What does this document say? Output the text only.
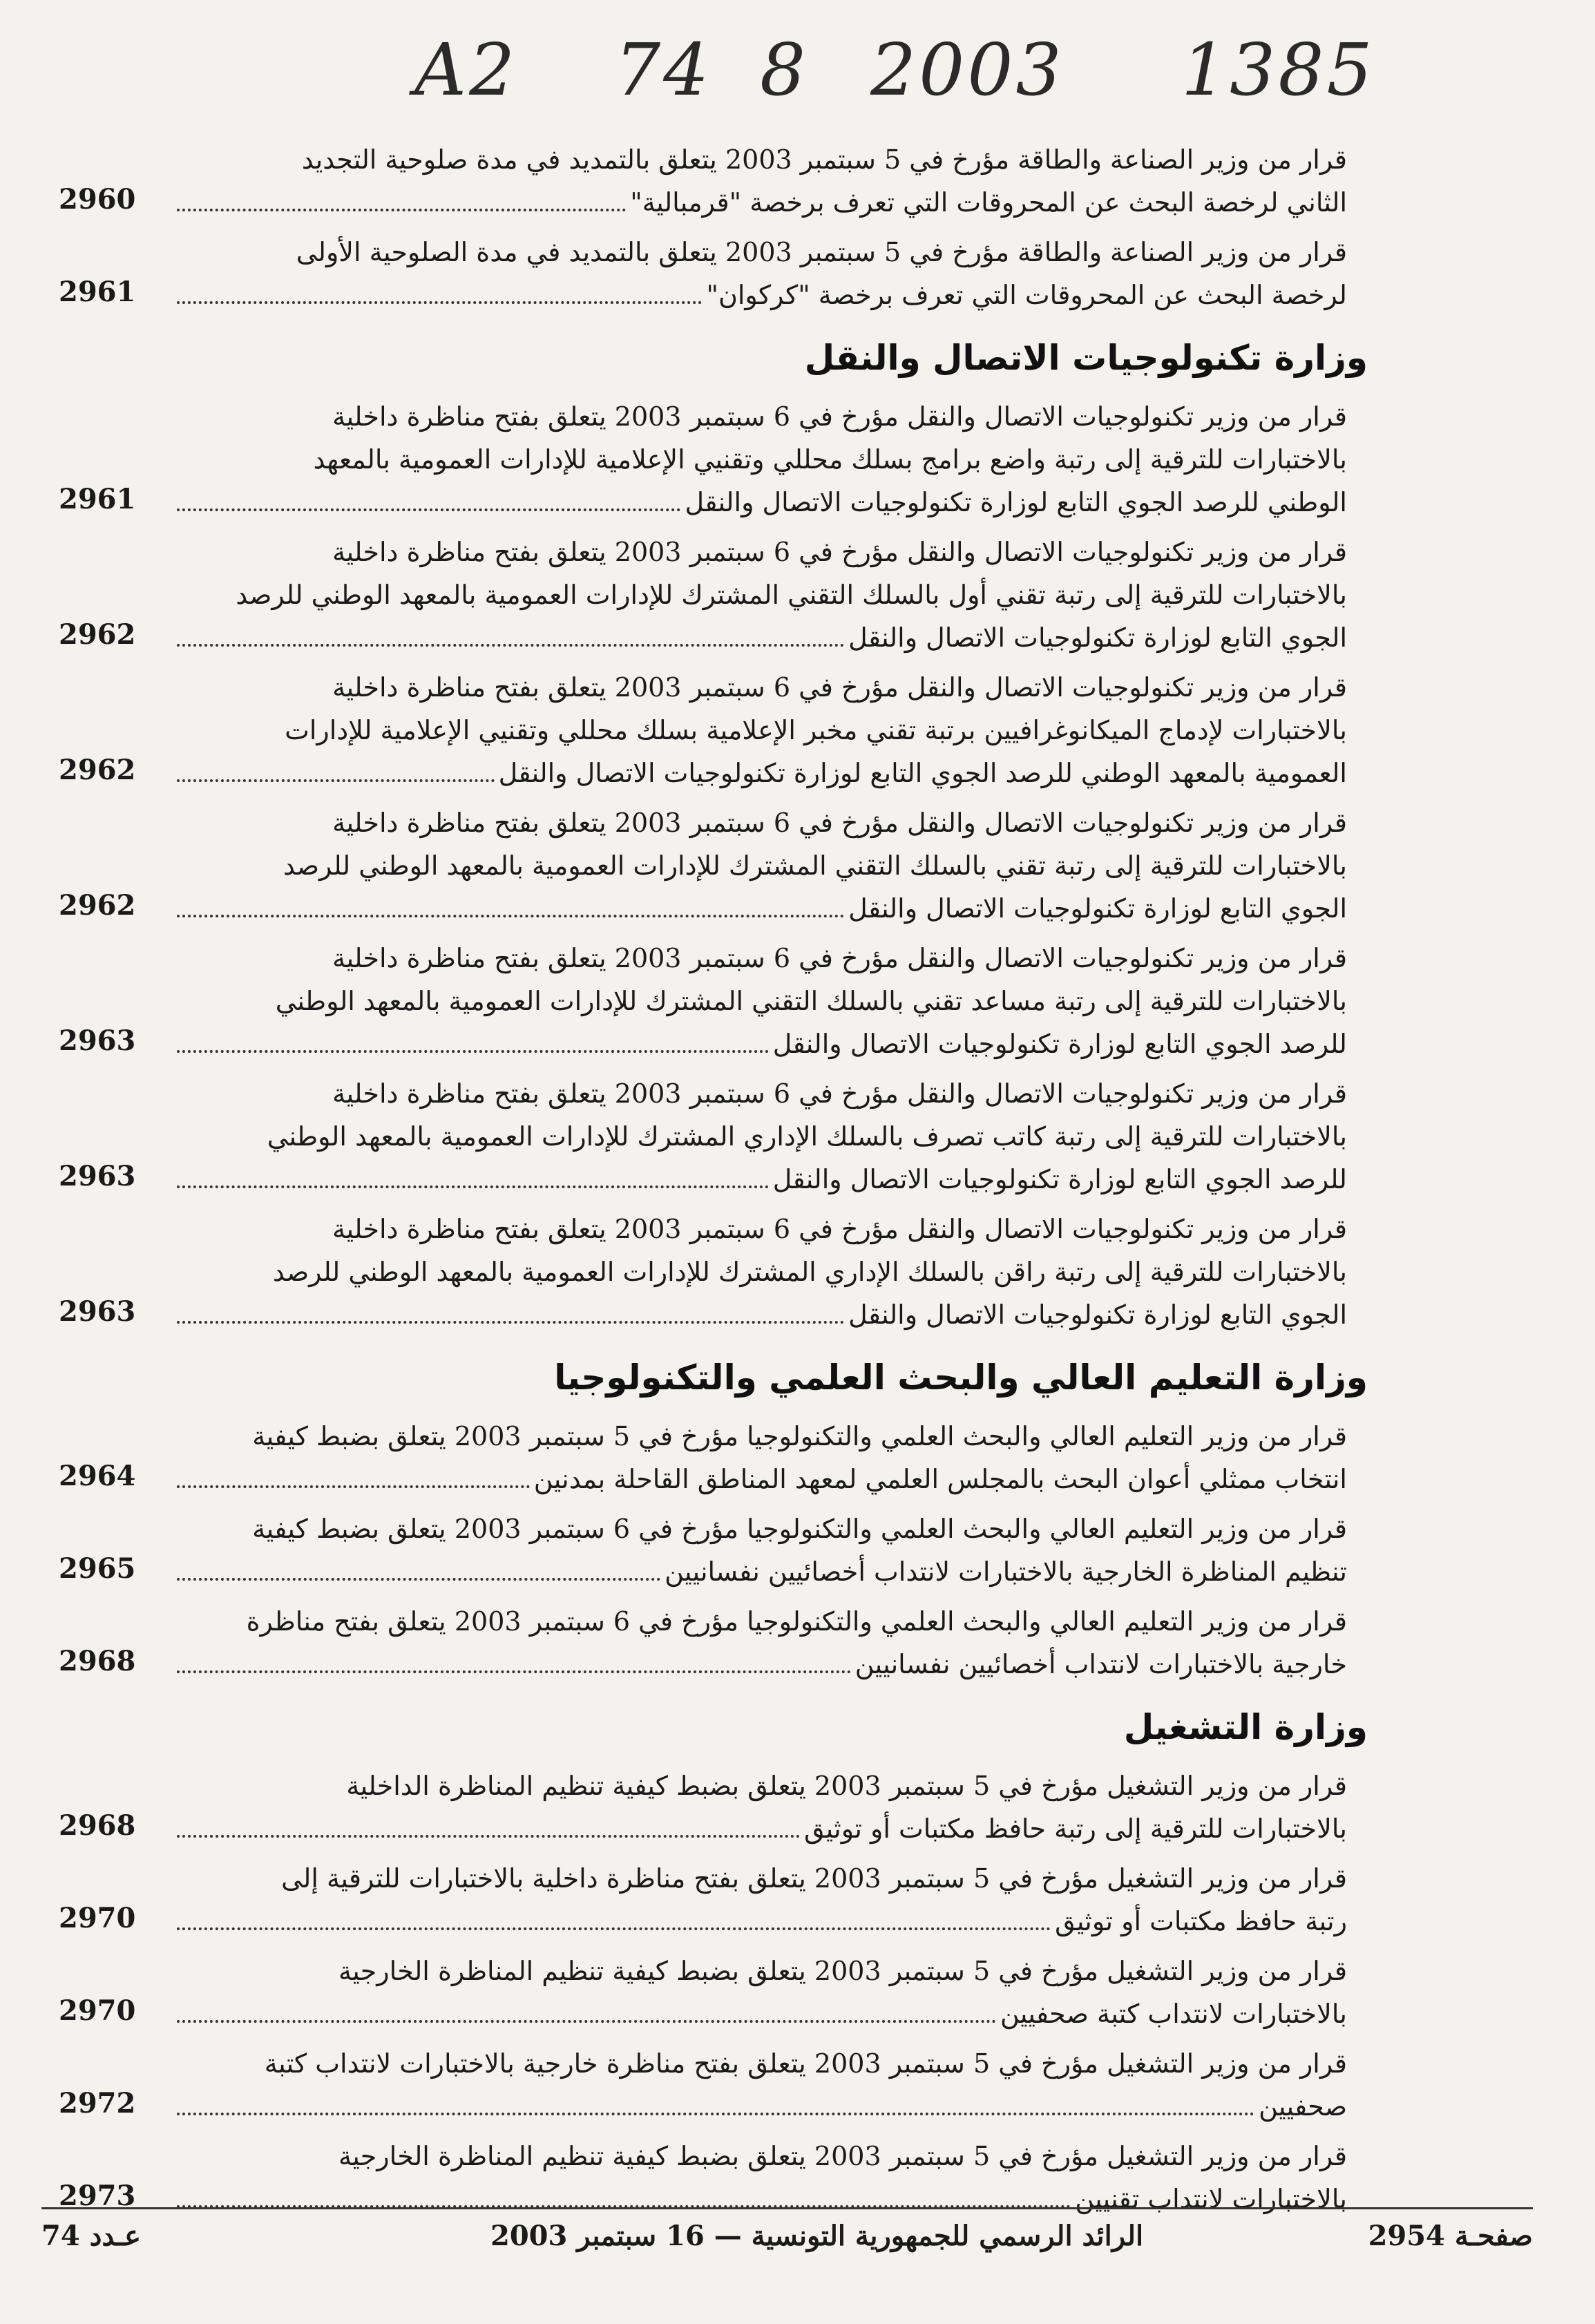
A2 74 8 2003 1385
قرار من وزير الصناعة والطاقة مؤرخ في 5 سبتمبر 2003 يتعلق بالتمديد في مدة صلوحية التجديد
الثاني لرخصة البحث عن المحروقات التي تعرف برخصة "قرمبالية"
2960
قرار من وزير الصناعة والطاقة مؤرخ في 5 سبتمبر 2003 يتعلق بالتمديد في مدة الصلوحية الأولى
لرخصة البحث عن المحروقات التي تعرف برخصة "كركوان"
2961
وزارة تكنولوجيات الاتصال والنقل
قرار من وزير تكنولوجيات الاتصال والنقل مؤرخ في 6 سبتمبر 2003 يتعلق بفتح مناظرة داخلية
بالاختبارات للترقية إلى رتبة واضع برامج بسلك محللي وتقنيي الإعلامية للإدارات العمومية بالمعهد
الوطني للرصد الجوي التابع لوزارة تكنولوجيات الاتصال والنقل
2961
قرار من وزير تكنولوجيات الاتصال والنقل مؤرخ في 6 سبتمبر 2003 يتعلق بفتح مناظرة داخلية
بالاختبارات للترقية إلى رتبة تقني أول بالسلك التقني المشترك للإدارات العمومية بالمعهد الوطني للرصد
الجوي التابع لوزارة تكنولوجيات الاتصال والنقل
2962
قرار من وزير تكنولوجيات الاتصال والنقل مؤرخ في 6 سبتمبر 2003 يتعلق بفتح مناظرة داخلية
بالاختبارات لإدماج الميكانوغرافيين برتبة تقني مخبر الإعلامية بسلك محللي وتقنيي الإعلامية للإدارات
العمومية بالمعهد الوطني للرصد الجوي التابع لوزارة تكنولوجيات الاتصال والنقل
2962
قرار من وزير تكنولوجيات الاتصال والنقل مؤرخ في 6 سبتمبر 2003 يتعلق بفتح مناظرة داخلية
بالاختبارات للترقية إلى رتبة تقني بالسلك التقني المشترك للإدارات العمومية بالمعهد الوطني للرصد
الجوي التابع لوزارة تكنولوجيات الاتصال والنقل
2962
قرار من وزير تكنولوجيات الاتصال والنقل مؤرخ في 6 سبتمبر 2003 يتعلق بفتح مناظرة داخلية
بالاختبارات للترقية إلى رتبة مساعد تقني بالسلك التقني المشترك للإدارات العمومية بالمعهد الوطني
للرصد الجوي التابع لوزارة تكنولوجيات الاتصال والنقل
2963
قرار من وزير تكنولوجيات الاتصال والنقل مؤرخ في 6 سبتمبر 2003 يتعلق بفتح مناظرة داخلية
بالاختبارات للترقية إلى رتبة كاتب تصرف بالسلك الإداري المشترك للإدارات العمومية بالمعهد الوطني
للرصد الجوي التابع لوزارة تكنولوجيات الاتصال والنقل
2963
قرار من وزير تكنولوجيات الاتصال والنقل مؤرخ في 6 سبتمبر 2003 يتعلق بفتح مناظرة داخلية
بالاختبارات للترقية إلى رتبة راقن بالسلك الإداري المشترك للإدارات العمومية بالمعهد الوطني للرصد
الجوي التابع لوزارة تكنولوجيات الاتصال والنقل
2963
وزارة التعليم العالي والبحث العلمي والتكنولوجيا
قرار من وزير التعليم العالي والبحث العلمي والتكنولوجيا مؤرخ في 5 سبتمبر 2003 يتعلق بضبط كيفية
انتخاب ممثلي أعوان البحث بالمجلس العلمي لمعهد المناطق القاحلة بمدنين
2964
قرار من وزير التعليم العالي والبحث العلمي والتكنولوجيا مؤرخ في 6 سبتمبر 2003 يتعلق بضبط كيفية
تنظيم المناظرة الخارجية بالاختبارات لانتداب أخصائيين نفسانيين
2965
قرار من وزير التعليم العالي والبحث العلمي والتكنولوجيا مؤرخ في 6 سبتمبر 2003 يتعلق بفتح مناظرة
خارجية بالاختبارات لانتداب أخصائيين نفسانيين
2968
وزارة التشغيل
قرار من وزير التشغيل مؤرخ في 5 سبتمبر 2003 يتعلق بضبط كيفية تنظيم المناظرة الداخلية
بالاختبارات للترقية إلى رتبة حافظ مكتبات أو توثيق
2968
قرار من وزير التشغيل مؤرخ في 5 سبتمبر 2003 يتعلق بفتح مناظرة داخلية بالاختبارات للترقية إلى
رتبة حافظ مكتبات أو توثيق
2970
قرار من وزير التشغيل مؤرخ في 5 سبتمبر 2003 يتعلق بضبط كيفية تنظيم المناظرة الخارجية
بالاختبارات لانتداب كتبة صحفيين
2970
قرار من وزير التشغيل مؤرخ في 5 سبتمبر 2003 يتعلق بفتح مناظرة خارجية بالاختبارات لانتداب كتبة
صحفيين
2972
قرار من وزير التشغيل مؤرخ في 5 سبتمبر 2003 يتعلق بضبط كيفية تنظيم المناظرة الخارجية
بالاختبارات لانتداب تقنيين
2973
عـدد 74	الرائد الرسمي للجمهورية التونسية — 16 سبتمبر 2003	صفحـة 2954
